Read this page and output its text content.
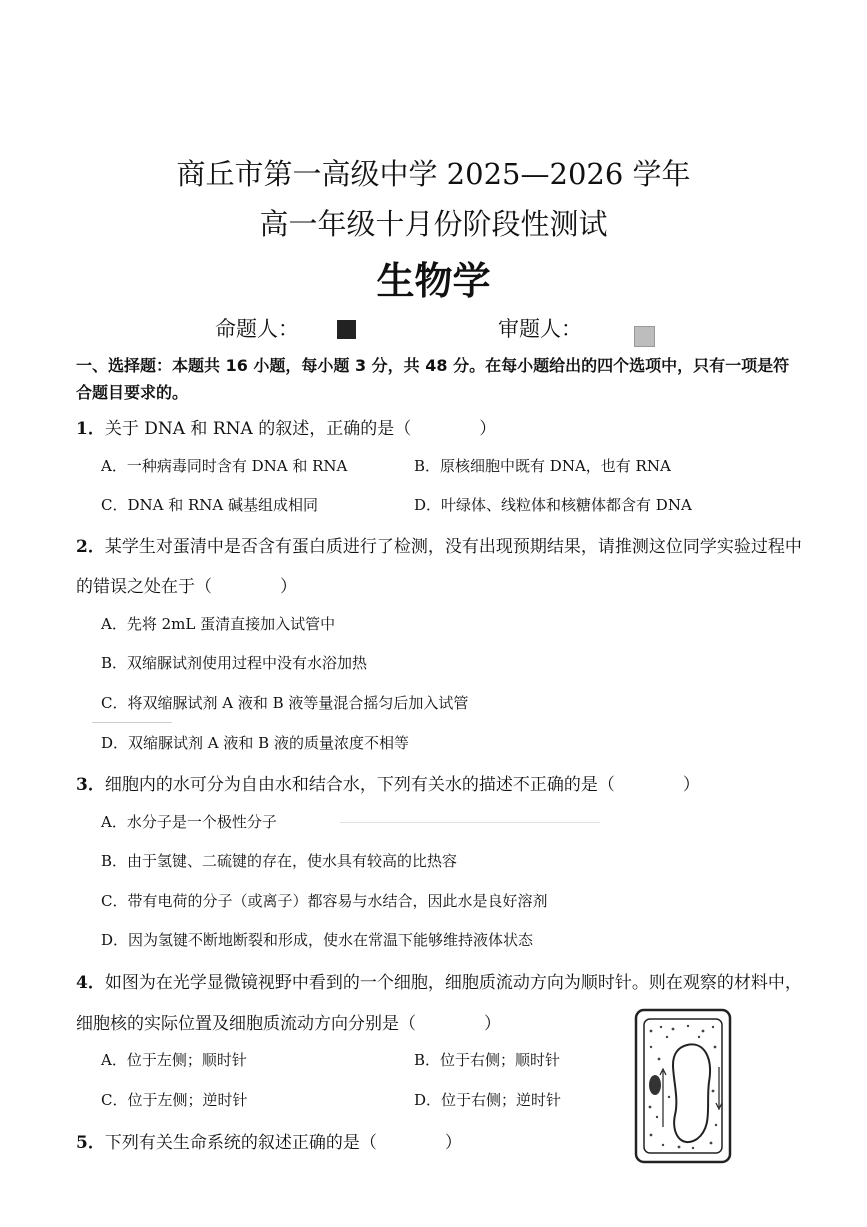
商丘市第一高级中学 2025—2026 学年
高一年级十月份阶段性测试
生物学
命题人：	审题人：
一、选择题：本题共 16 小题，每小题 3 分，共 48 分。在每小题给出的四个选项中，只有一项是符合题目要求的。
1．关于 DNA 和 RNA 的叙述，正确的是（　　　　）
A．一种病毒同时含有 DNA 和 RNA	B．原核细胞中既有 DNA，也有 RNA
C．DNA 和 RNA 碱基组成相同	D．叶绿体、线粒体和核糖体都含有 DNA
2．某学生对蛋清中是否含有蛋白质进行了检测，没有出现预期结果，请推测这位同学实验过程中
的错误之处在于（　　　　）
A．先将 2mL 蛋清直接加入试管中
B．双缩脲试剂使用过程中没有水浴加热
C．将双缩脲试剂 A 液和 B 液等量混合摇匀后加入试管
D．双缩脲试剂 A 液和 B 液的质量浓度不相等
3．细胞内的水可分为自由水和结合水，下列有关水的描述不正确的是（　　　　）
A．水分子是一个极性分子
B．由于氢键、二硫键的存在，使水具有较高的比热容
C．带有电荷的分子（或离子）都容易与水结合，因此水是良好溶剂
D．因为氢键不断地断裂和形成，使水在常温下能够维持液体状态
4．如图为在光学显微镜视野中看到的一个细胞，细胞质流动方向为顺时针。则在观察的材料中，
细胞核的实际位置及细胞质流动方向分别是（　　　　）
A．位于左侧；顺时针	B．位于右侧；顺时针
C．位于左侧；逆时针	D．位于右侧；逆时针
5．下列有关生命系统的叙述正确的是（　　　　）
